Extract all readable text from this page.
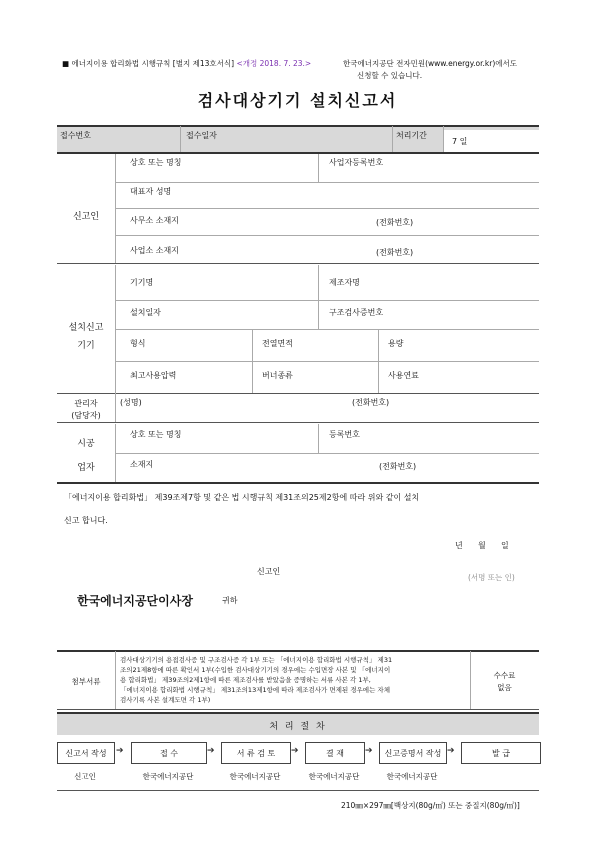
■ 에너지이용 합리화법 시행규칙 [별지 제13호서식] <개정 2018. 7. 23.>	한국에너지공단 전자민원(www.energy.or.kr)에서도
신청할 수 있습니다.
검사대상기기 설치신고서
접수번호	접수일자	처리기간
7 일
신고인
상호 또는 명칭	사업자등록번호
대표자 성명
사무소 소재지	(전화번호)
사업소 소재지	(전화번호)
설치신고
기기
기기명	제조자명
설치일자	구조검사증번호
형식	전열면적	용량
최고사용압력	버너종류	사용연료
관리자
(담당자)
(성명)	(전화번호)
시공
업자
상호 또는 명칭	등록번호
소재지	(전화번호)
「에너지이용 합리화법」 제39조제7항 및 같은 법 시행규칙 제31조의25제2항에 따라 위와 같이 설치
신고 합니다.
년      월      일
신고인
(서명 또는 인)
한국에너지공단이사장	귀하
첨부서류
검사대상기기의 용접검사증 및 구조검사증 각 1부 또는 「에너지이용 합리화법 시행규칙」 제31
조의21제8항에 따른 확인서 1부(수입한 검사대상기기의 경우에는 수입면장 사본 및 「에너지이
용 합리화법」 제39조의2제1항에 따른 제조검사를 받았음을 증명하는 서류 사본 각 1부,
「에너지이용 합리화법 시행규칙」 제31조의13제1항에 따라 제조검사가 면제된 경우에는 자체
검사기록 사본 설계도면 각 1부)
수수료
없음
처 리 절 차
신고서 작성	➔	접 수	➔	서 류 검 토	➔	결 재	➔	신고증명서 작성 ➔	발 급
신고인	한국에너지공단	한국에너지공단	한국에너지공단	한국에너지공단
210㎜×297㎜[백상지(80g/㎡) 또는 중질지(80g/㎡)]
